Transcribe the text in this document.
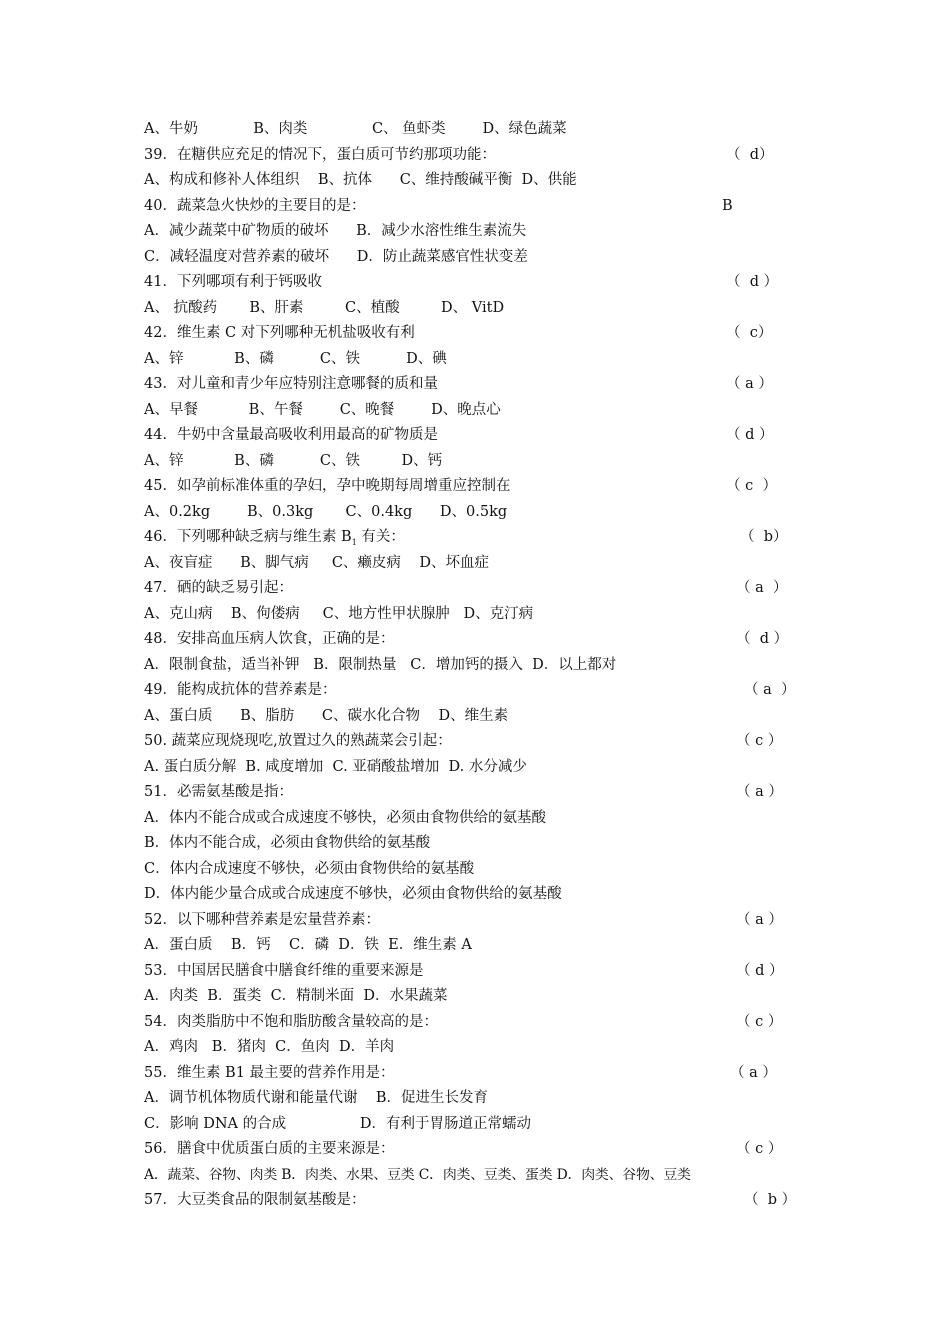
A、牛奶            B、肉类              C、 鱼虾类        D、绿色蔬菜
39．在糖供应充足的情况下，蛋白质可节约那项功能：	（  d）
A、构成和修补人体组织    B、抗体      C、维持酸碱平衡  D、供能
40．蔬菜急火快炒的主要目的是：	B
A．减少蔬菜中矿物质的破坏      B．减少水溶性维生素流失
C．减轻温度对营养素的破坏      D．防止蔬菜感官性状变差
41．下列哪项有利于钙吸收	（  d ）
A、 抗酸药       B、肝素         C、植酸         D、 VitD
42．维生素 C 对下列哪种无机盐吸收有利	（  c）
A、锌           B、磷          C、铁          D、碘
43．对儿童和青少年应特别注意哪餐的质和量	（ a ）
A、早餐           B、午餐        C、晚餐        D、晚点心
44．牛奶中含量最高吸收利用最高的矿物质是	（ d ）
A、锌           B、磷          C、铁         D、钙
45．如孕前标准体重的孕妇，孕中晚期每周增重应控制在	（ c  ）
A、0.2kg        B、0.3kg       C、0.4kg      D、0.5kg
46．下列哪种缺乏病与维生素 $B_1$ 有关：	（  b）
A、夜盲症      B、脚气病     C、癞皮病    D、坏血症
47．硒的缺乏易引起：	（ a  ）
A、克山病    B、佝偻病     C、地方性甲状腺肿   D、克汀病
48．安排高血压病人饮食，正确的是：	（  d ）
A．限制食盐，适当补钾   B．限制热量   C．增加钙的摄入  D．以上都对
49．能构成抗体的营养素是：	（ a  ）
A、蛋白质      B、脂肪      C、碳水化合物    D、维生素
50. 蔬菜应现烧现吃,放置过久的熟蔬菜会引起：	（ c ）
A. 蛋白质分解  B. 咸度增加  C. 亚硝酸盐增加  D. 水分减少
51．必需氨基酸是指：	（ a ）
A．体内不能合成或合成速度不够快，必须由食物供给的氨基酸
B．体内不能合成，必须由食物供给的氨基酸
C．体内合成速度不够快，必须由食物供给的氨基酸
D．体内能少量合成或合成速度不够快，必须由食物供给的氨基酸
52．以下哪种营养素是宏量营养素：	（ a ）
A．蛋白质    B．钙    C．磷  D．铁  E．维生素 A
53．中国居民膳食中膳食纤维的重要来源是	（ d ）
A．肉类  B．蛋类  C．精制米面  D．水果蔬菜
54．肉类脂肪中不饱和脂肪酸含量较高的是：	（ c ）
A．鸡肉   B．猪肉  C．鱼肉  D．羊肉
55．维生素 B1 最主要的营养作用是：	（ a ）
A．调节机体物质代谢和能量代谢    B．促进生长发育
C．影响 DNA 的合成                D．有利于胃肠道正常蠕动
56．膳食中优质蛋白质的主要来源是：	（ c ）
A．蔬菜、谷物、肉类 B．肉类、水果、豆类 C．肉类、豆类、蛋类 D．肉类、谷物、豆类
57．大豆类食品的限制氨基酸是：	（  b ）
